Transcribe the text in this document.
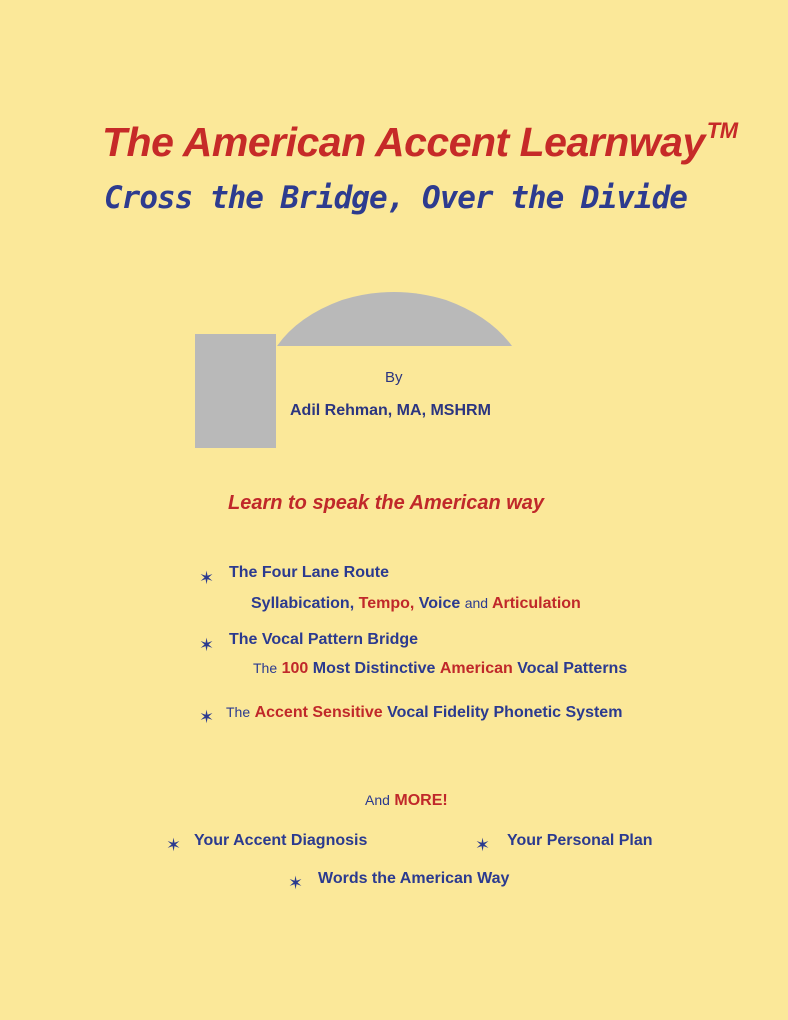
The American Accent Learnway™
Cross the Bridge, Over the Divide
By
Adil Rehman, MA, MSHRM
Learn to speak the American way
✶ The Four Lane Route
Syllabication, Tempo, Voice and Articulation
✶ The Vocal Pattern Bridge
The 100 Most Distinctive American Vocal Patterns
✶ The Accent Sensitive Vocal Fidelity Phonetic System
And MORE!
✶ Your Accent Diagnosis	✶ Your Personal Plan
✶ Words the American Way
